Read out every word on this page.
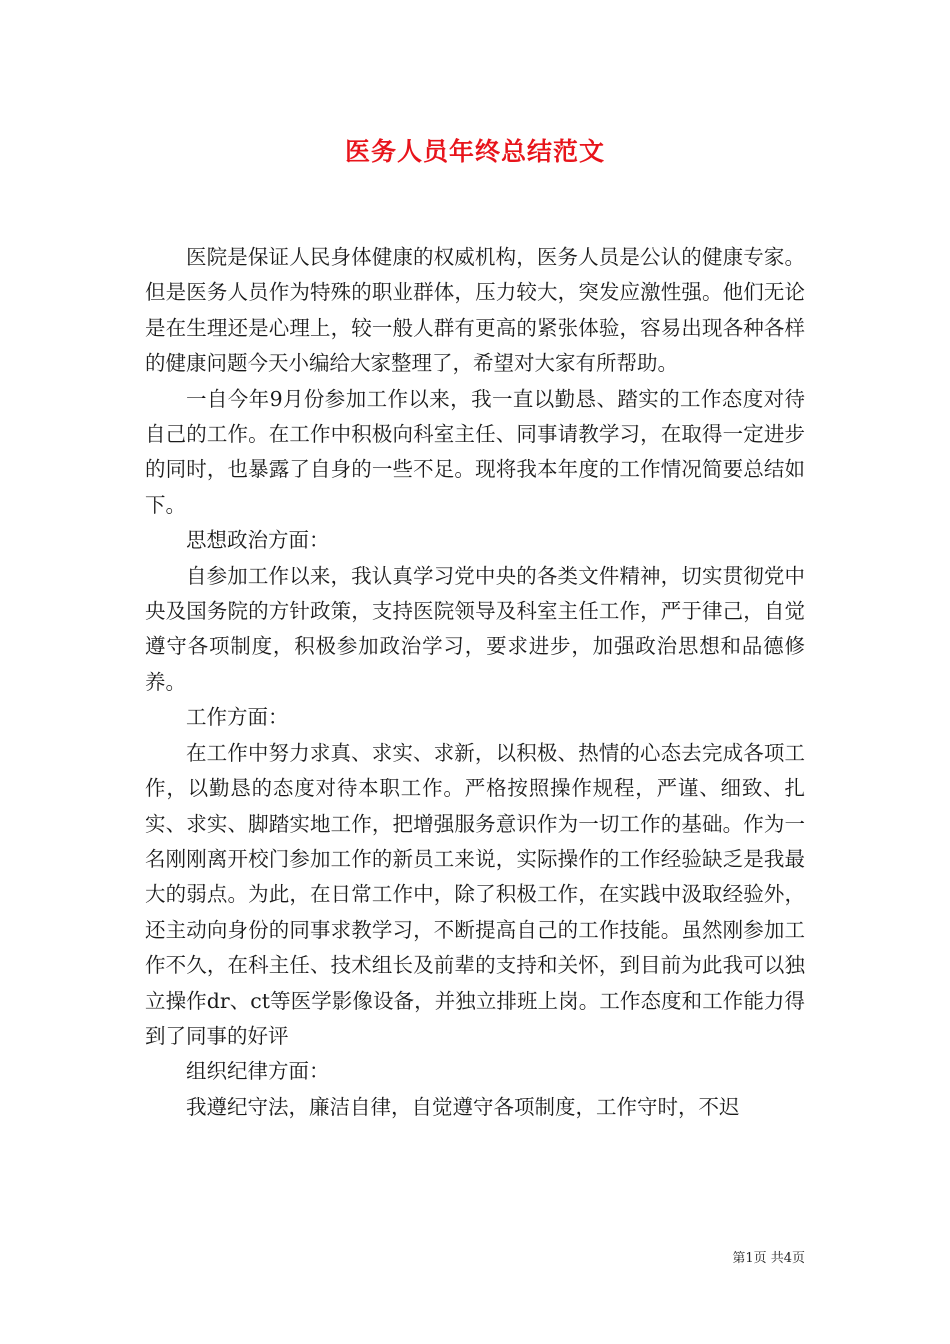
医务人员年终总结范文

医院是保证人民身体健康的权威机构，医务人员是公认的健康专家。但是医务人员作为特殊的职业群体，压力较大，突发应激性强。他们无论是在生理还是心理上，较一般人群有更高的紧张体验，容易出现各种各样的健康问题今天小编给大家整理了，希望对大家有所帮助。

一自今年9月份参加工作以来，我一直以勤恳、踏实的工作态度对待自己的工作。在工作中积极向科室主任、同事请教学习，在取得一定进步的同时，也暴露了自身的一些不足。现将我本年度的工作情况简要总结如下。

思想政治方面：

自参加工作以来，我认真学习党中央的各类文件精神，切实贯彻党中央及国务院的方针政策，支持医院领导及科室主任工作，严于律己，自觉遵守各项制度，积极参加政治学习，要求进步，加强政治思想和品德修养。

工作方面：

在工作中努力求真、求实、求新，以积极、热情的心态去完成各项工作，以勤恳的态度对待本职工作。严格按照操作规程，严谨、细致、扎实、求实、脚踏实地工作，把增强服务意识作为一切工作的基础。作为一名刚刚离开校门参加工作的新员工来说，实际操作的工作经验缺乏是我最大的弱点。为此，在日常工作中，除了积极工作，在实践中汲取经验外，还主动向身份的同事求教学习，不断提高自己的工作技能。虽然刚参加工作不久，在科主任、技术组长及前辈的支持和关怀，到目前为此我可以独立操作dr、ct等医学影像设备，并独立排班上岗。工作态度和工作能力得到了同事的好评

组织纪律方面：

我遵纪守法，廉洁自律，自觉遵守各项制度，工作守时，不迟

第1页 共4页
